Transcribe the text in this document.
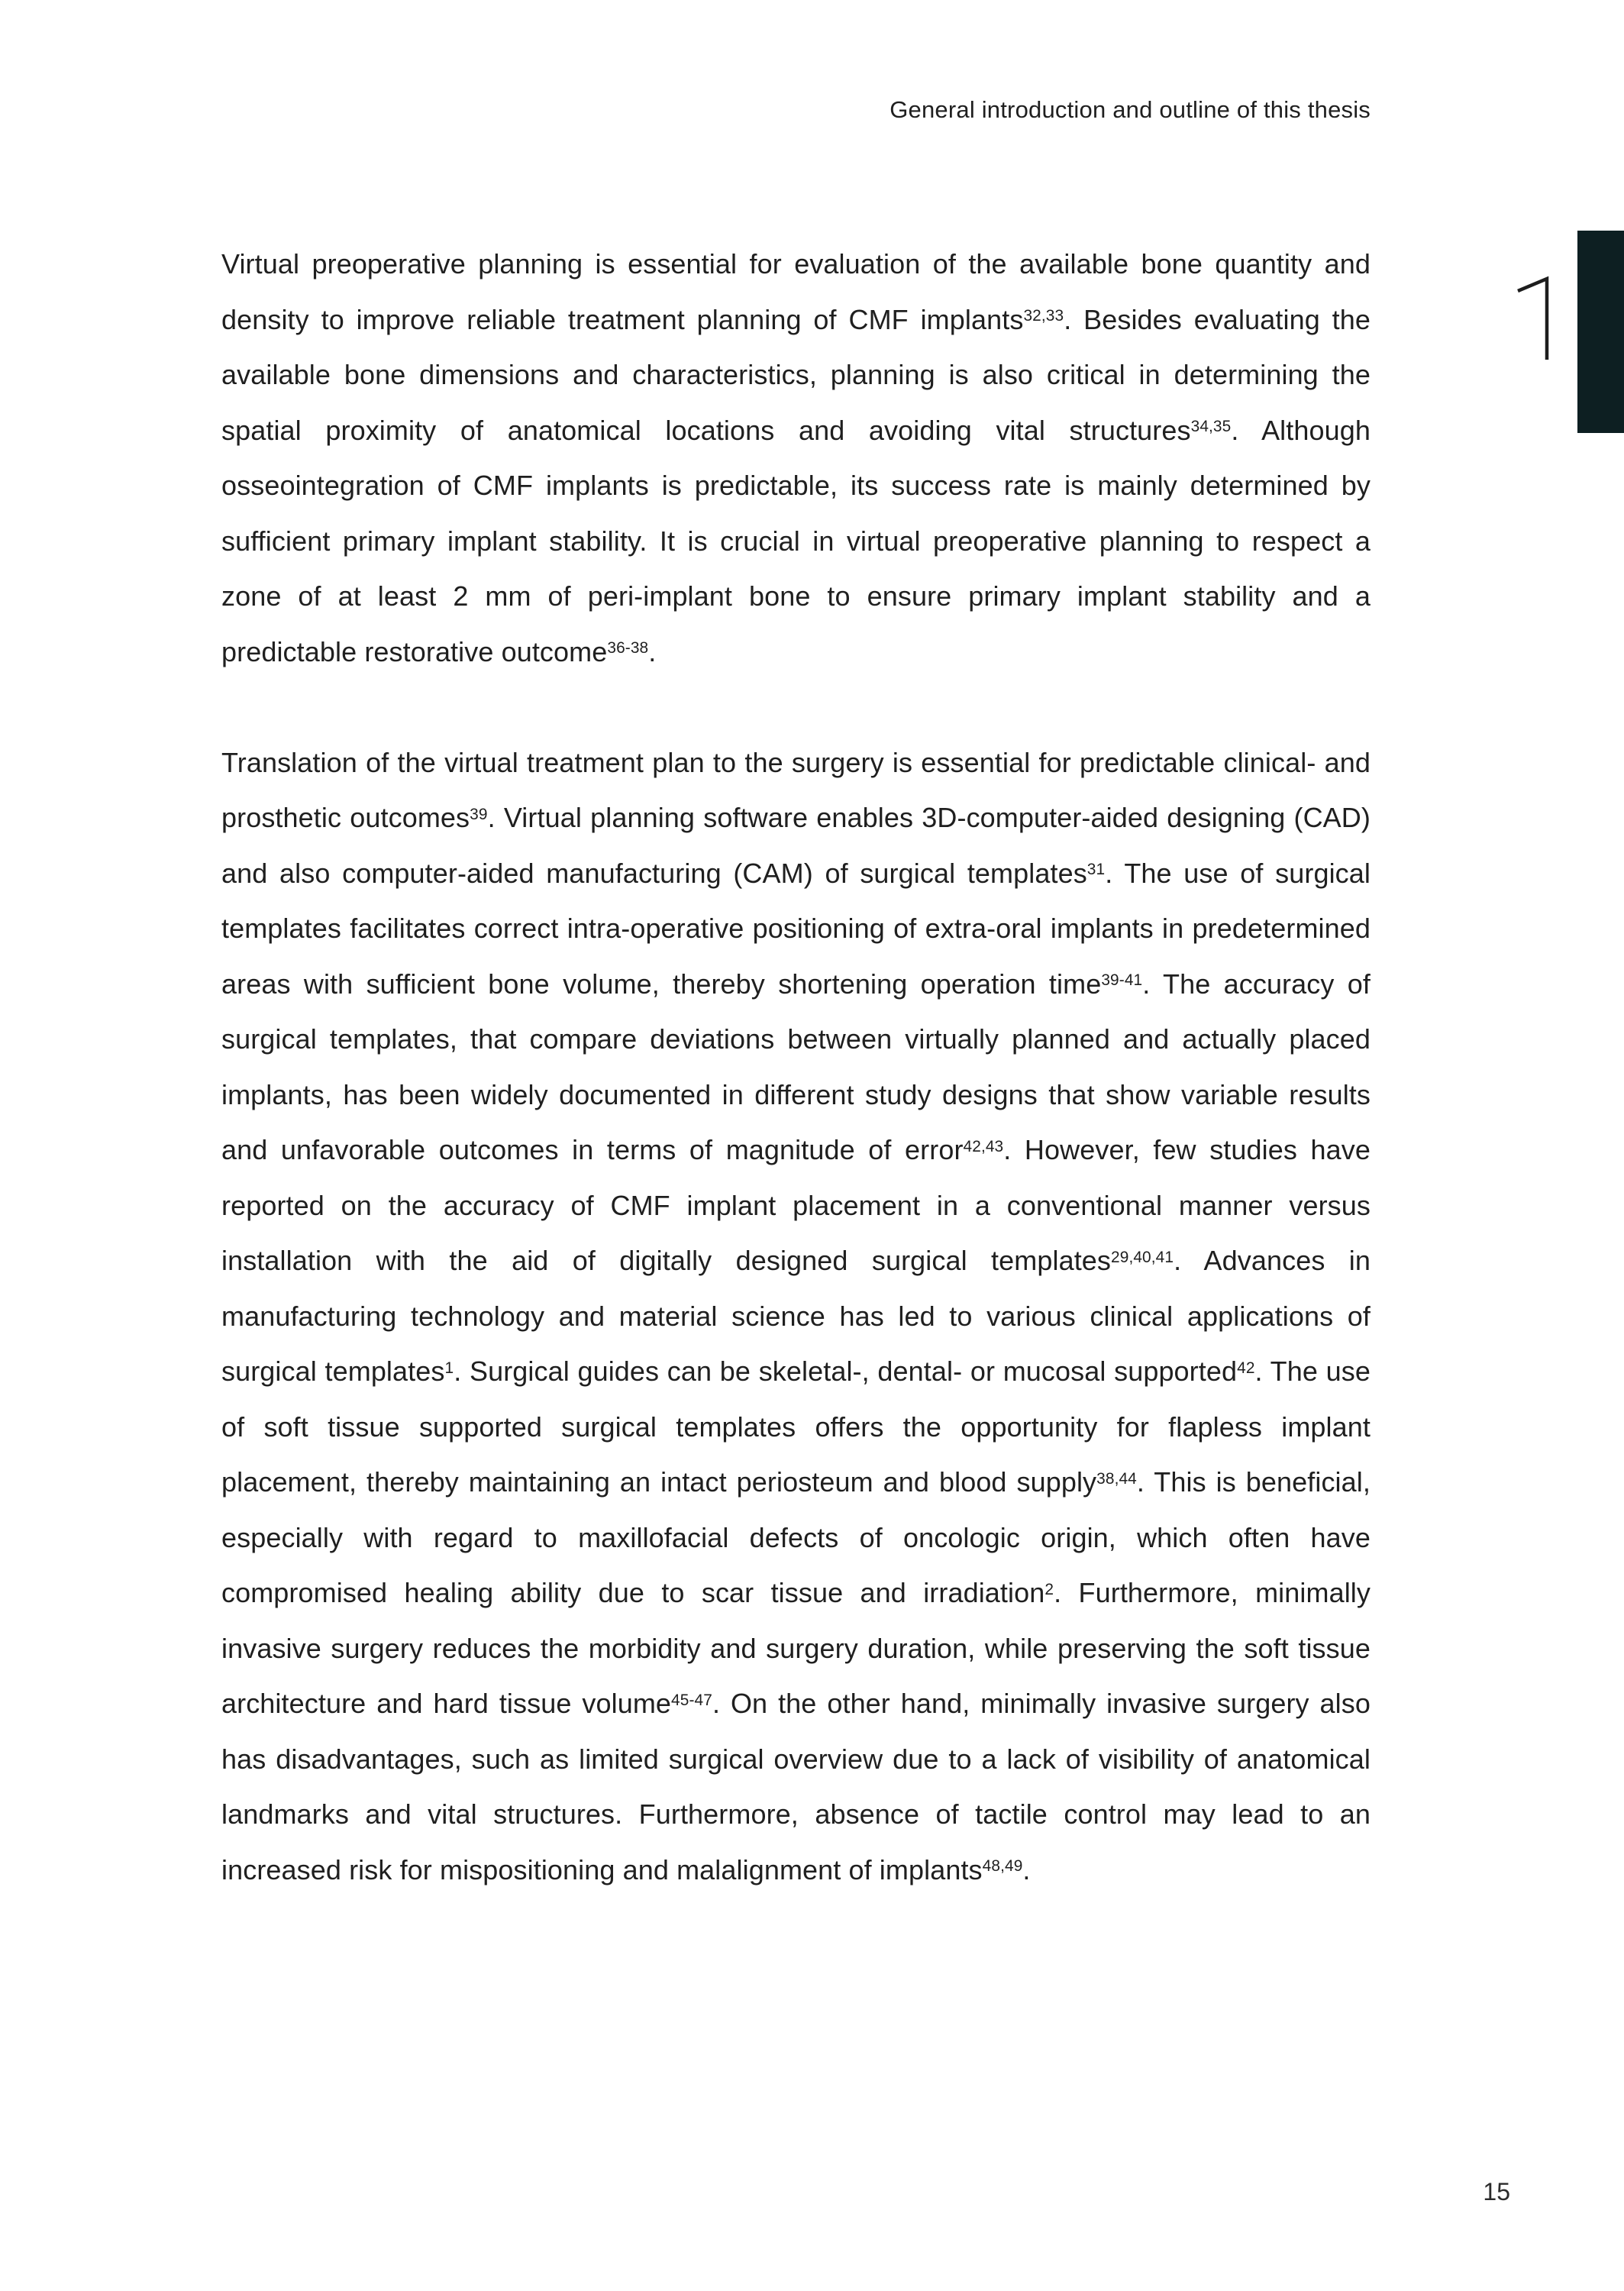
General introduction and outline of this thesis

Virtual preoperative planning is essential for evaluation of the available bone quantity and density to improve reliable treatment planning of CMF implants$^{32,33}$. Besides evaluating the available bone dimensions and characteristics, planning is also critical in determining the spatial proximity of anatomical locations and avoiding vital structures$^{34,35}$. Although osseointegration of CMF implants is predictable, its success rate is mainly determined by sufficient primary implant stability. It is crucial in virtual preoperative planning to respect a zone of at least 2 mm of peri-implant bone to ensure primary implant stability and a predictable restorative outcome$^{36-38}$.

Translation of the virtual treatment plan to the surgery is essential for predictable clinical- and prosthetic outcomes$^{39}$. Virtual planning software enables 3D-computer-aided designing (CAD) and also computer-aided manufacturing (CAM) of surgical templates$^{31}$. The use of surgical templates facilitates correct intra-operative positioning of extra-oral implants in predetermined areas with sufficient bone volume, thereby shortening operation time$^{39-41}$. The accuracy of surgical templates, that compare deviations between virtually planned and actually placed implants, has been widely documented in different study designs that show variable results and unfavorable outcomes in terms of magnitude of error$^{42,43}$. However, few studies have reported on the accuracy of CMF implant placement in a conventional manner versus installation with the aid of digitally designed surgical templates$^{29,40,41}$. Advances in manufacturing technology and material science has led to various clinical applications of surgical templates$^1$. Surgical guides can be skeletal-, dental- or mucosal supported$^{42}$. The use of soft tissue supported surgical templates offers the opportunity for flapless implant placement, thereby maintaining an intact periosteum and blood supply$^{38,44}$. This is beneficial, especially with regard to maxillofacial defects of oncologic origin, which often have compromised healing ability due to scar tissue and irradiation$^2$. Furthermore, minimally invasive surgery reduces the morbidity and surgery duration, while preserving the soft tissue architecture and hard tissue volume$^{45-47}$. On the other hand, minimally invasive surgery also has disadvantages, such as limited surgical overview due to a lack of visibility of anatomical landmarks and vital structures. Furthermore, absence of tactile control may lead to an increased risk for mispositioning and malalignment of implants$^{48,49}$.

15
